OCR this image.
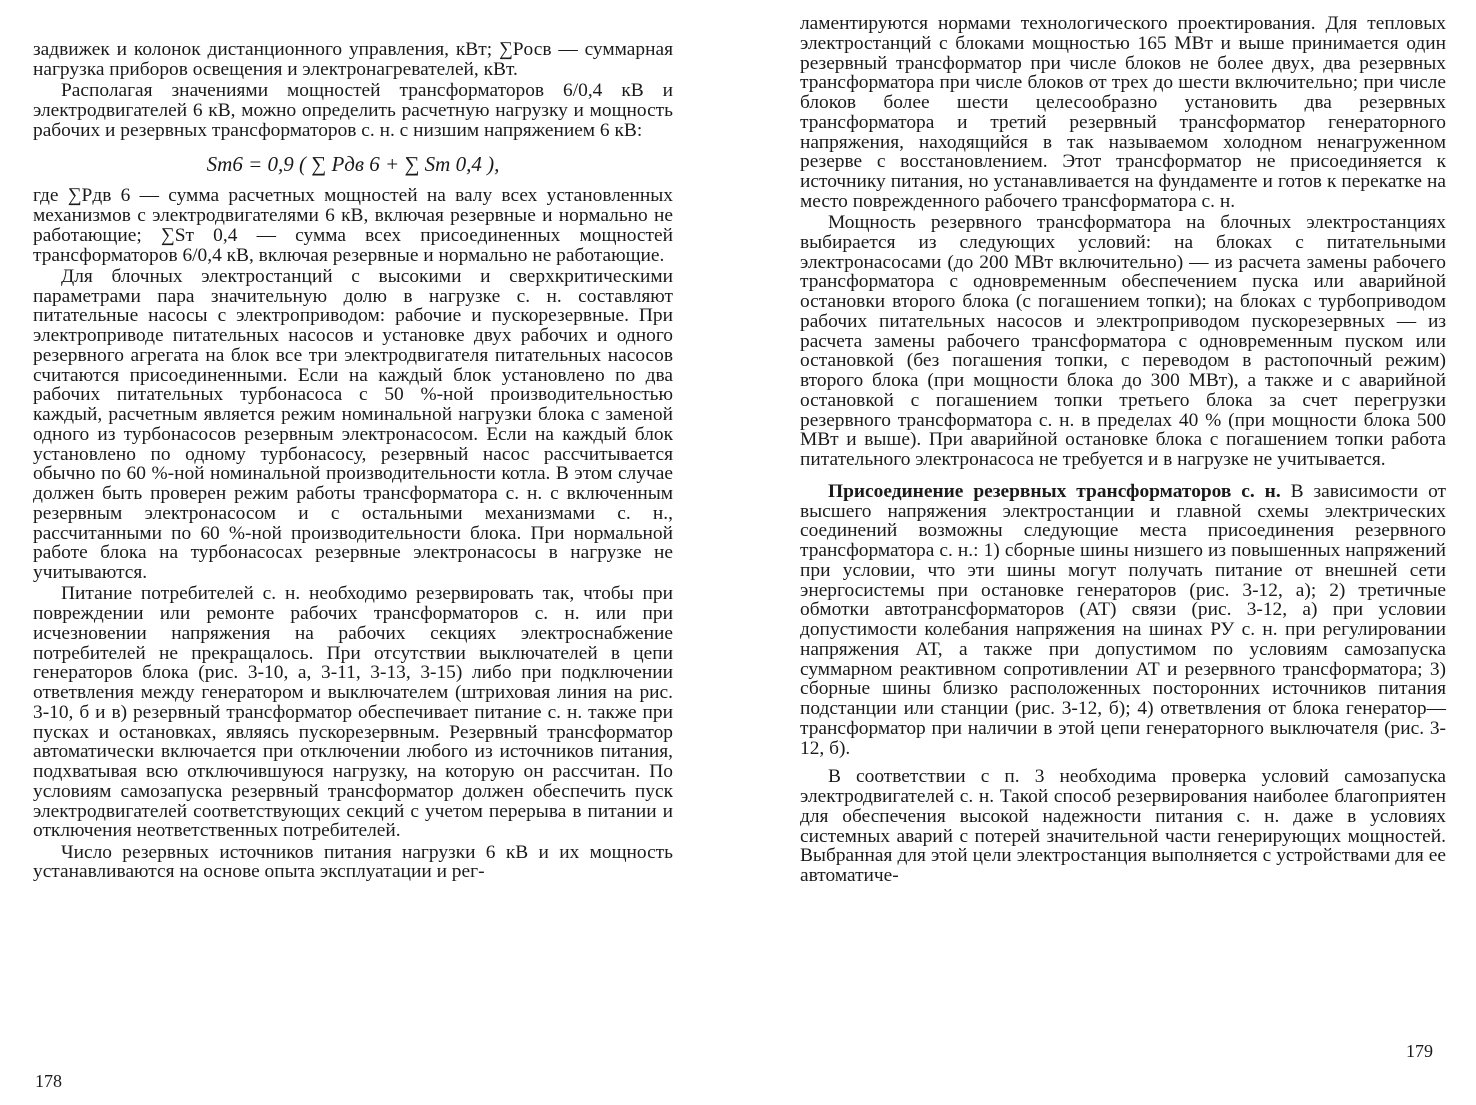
задвижек и колонок дистанционного управления, кВт; ∑Pосв — суммарная нагрузка приборов освещения и электронагревателей, кВт.

Располагая значениями мощностей трансформаторов 6/0,4 кВ и электродвигателей 6 кВ, можно определить расчетную нагрузку и мощность рабочих и резервных трансформаторов с. н. с низшим напряжением 6 кВ:

Sт6 = 0,9 ( ∑ Pдв 6 + ∑ Sт 0,4 ),

где ∑Pдв 6 — сумма расчетных мощностей на валу всех установленных механизмов с электродвигателями 6 кВ, включая резервные и нормально не работающие; ∑Sт 0,4 — сумма всех присоединенных мощностей трансформаторов 6/0,4 кВ, включая резервные и нормально не работающие.

Для блочных электростанций с высокими и сверхкритическими параметрами пара значительную долю в нагрузке с. н. составляют питательные насосы с электроприводом: рабочие и пускорезервные. При электроприводе питательных насосов и установке двух рабочих и одного резервного агрегата на блок все три электродвигателя питательных насосов считаются присоединенными. Если на каждый блок установлено по два рабочих питательных турбонасоса с 50 %-ной производительностью каждый, расчетным является режим номинальной нагрузки блока с заменой одного из турбонасосов резервным электронасосом. Если на каждый блок установлено по одному турбонасосу, резервный насос рассчитывается обычно по 60 %-ной номинальной производительности котла. В этом случае должен быть проверен режим работы трансформатора с. н. с включенным резервным электронасосом и с остальными механизмами с. н., рассчитанными по 60 %-ной производительности блока. При нормальной работе блока на турбонасосах резервные электронасосы в нагрузке не учитываются.

Питание потребителей с. н. необходимо резервировать так, чтобы при повреждении или ремонте рабочих трансформаторов с. н. или при исчезновении напряжения на рабочих секциях электроснабжение потребителей не прекращалось. При отсутствии выключателей в цепи генераторов блока (рис. 3-10, а, 3-11, 3-13, 3-15) либо при подключении ответвления между генератором и выключателем (штриховая линия на рис. 3-10, б и в) резервный трансформатор обеспечивает питание с. н. также при пусках и остановках, являясь пускорезервным. Резервный трансформатор автоматически включается при отключении любого из источников питания, подхватывая всю отключившуюся нагрузку, на которую он рассчитан. По условиям самозапуска резервный трансформатор должен обеспечить пуск электродвигателей соответствующих секций с учетом перерыва в питании и отключения неответственных потребителей.

Число резервных источников питания нагрузки 6 кВ и их мощность устанавливаются на основе опыта эксплуатации и рег-

178

ламентируются нормами технологического проектирования. Для тепловых электростанций с блоками мощностью 165 МВт и выше принимается один резервный трансформатор при числе блоков не более двух, два резервных трансформатора при числе блоков от трех до шести включительно; при числе блоков более шести целесообразно установить два резервных трансформатора и третий резервный трансформатор генераторного напряжения, находящийся в так называемом холодном ненагруженном резерве с восстановлением. Этот трансформатор не присоединяется к источнику питания, но устанавливается на фундаменте и готов к перекатке на место поврежденного рабочего трансформатора с. н.

Мощность резервного трансформатора на блочных электростанциях выбирается из следующих условий: на блоках с питательными электронасосами (до 200 МВт включительно) — из расчета замены рабочего трансформатора с одновременным обеспечением пуска или аварийной остановки второго блока (с погашением топки); на блоках с турбоприводом рабочих питательных насосов и электроприводом пускорезервных — из расчета замены рабочего трансформатора с одновременным пуском или остановкой (без погашения топки, с переводом в растопочный режим) второго блока (при мощности блока до 300 МВт), а также и с аварийной остановкой с погашением топки третьего блока за счет перегрузки резервного трансформатора с. н. в пределах 40 % (при мощности блока 500 МВт и выше). При аварийной остановке блока с погашением топки работа питательного электронасоса не требуется и в нагрузке не учитывается.

Присоединение резервных трансформаторов с. н. В зависимости от высшего напряжения электростанции и главной схемы электрических соединений возможны следующие места присоединения резервного трансформатора с. н.: 1) сборные шины низшего из повышенных напряжений при условии, что эти шины могут получать питание от внешней сети энергосистемы при остановке генераторов (рис. 3-12, а); 2) третичные обмотки автотрансформаторов (АТ) связи (рис. 3-12, а) при условии допустимости колебания напряжения на шинах РУ с. н. при регулировании напряжения АТ, а также при допустимом по условиям самозапуска суммарном реактивном сопротивлении АТ и резервного трансформатора; 3) сборные шины близко расположенных посторонних источников питания подстанции или станции (рис. 3-12, б); 4) ответвления от блока генератор—трансформатор при наличии в этой цепи генераторного выключателя (рис. 3-12, б).

В соответствии с п. 3 необходима проверка условий самозапуска электродвигателей с. н. Такой способ резервирования наиболее благоприятен для обеспечения высокой надежности питания с. н. даже в условиях системных аварий с потерей значительной части генерирующих мощностей. Выбранная для этой цели электростанция выполняется с устройствами для ее автоматиче-

179
